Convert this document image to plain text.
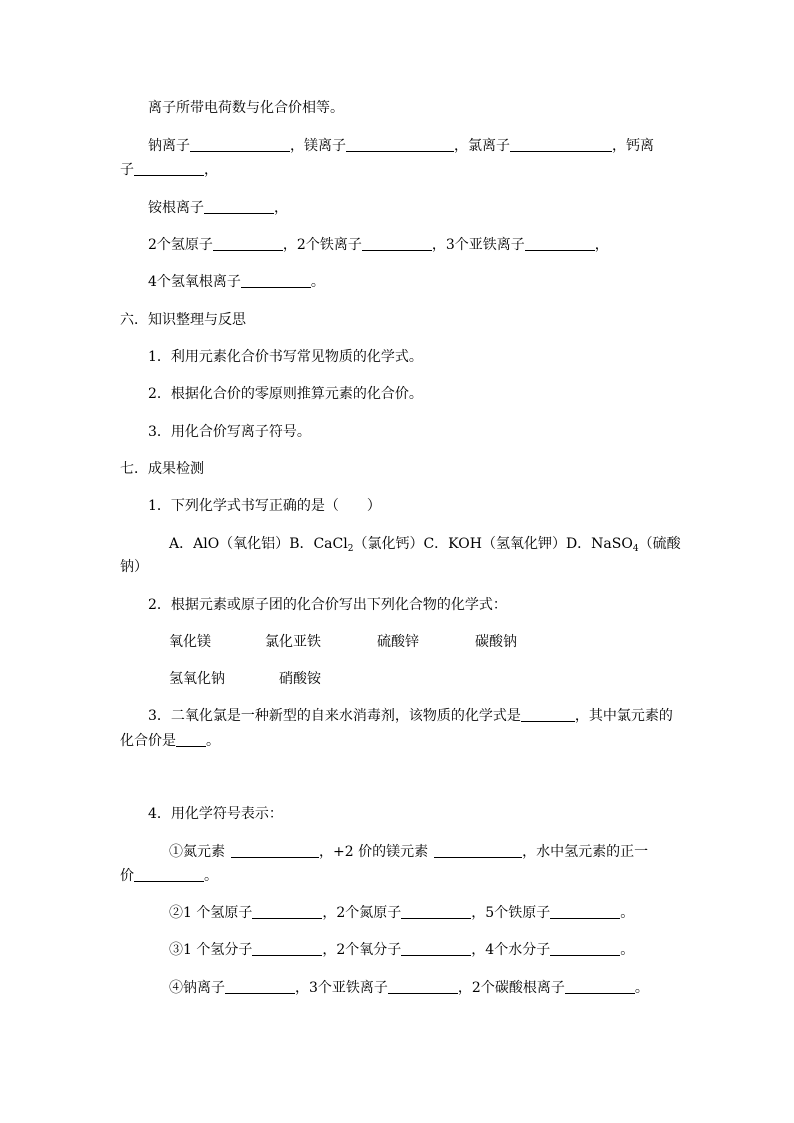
离子所带电荷数与化合价相等。
钠离子	，镁离子	，氯离子	，钙离
子	，
铵根离子	，
2个氢原子	，2个铁离子	，3个亚铁离子	，
4个氢氧根离子	。
六．知识整理与反思
1．利用元素化合价书写常见物质的化学式。
2．根据化合价的零原则推算元素的化合价。
3．用化合价写离子符号。
七．成果检测
1．下列化学式书写正确的是（　　）
A．AlO（氧化铝） B．CaCl$_2$（氯化钙） C．KOH（氢氧化钾） D．NaSO$_4$（硫酸
钠）
2．根据元素或原子团的化合价写出下列化合物的化学式：
氧化镁	氯化亚铁	硫酸锌	碳酸钠
氢氧化钠	硝酸铵
3．二氧化氯是一种新型的自来水消毒剂，该物质的化学式是	，其中氯元素的
化合价是 。
4．用化学符号表示：
①氮元素	，+2 价的镁元素	，水中氢元素的正一
价	。
②1 个氢原子	，2个氮原子	，5个铁原子	。
③1 个氢分子	，2个氧分子	，4个水分子	。
④钠离子	，3个亚铁离子	，2个碳酸根离子	。
